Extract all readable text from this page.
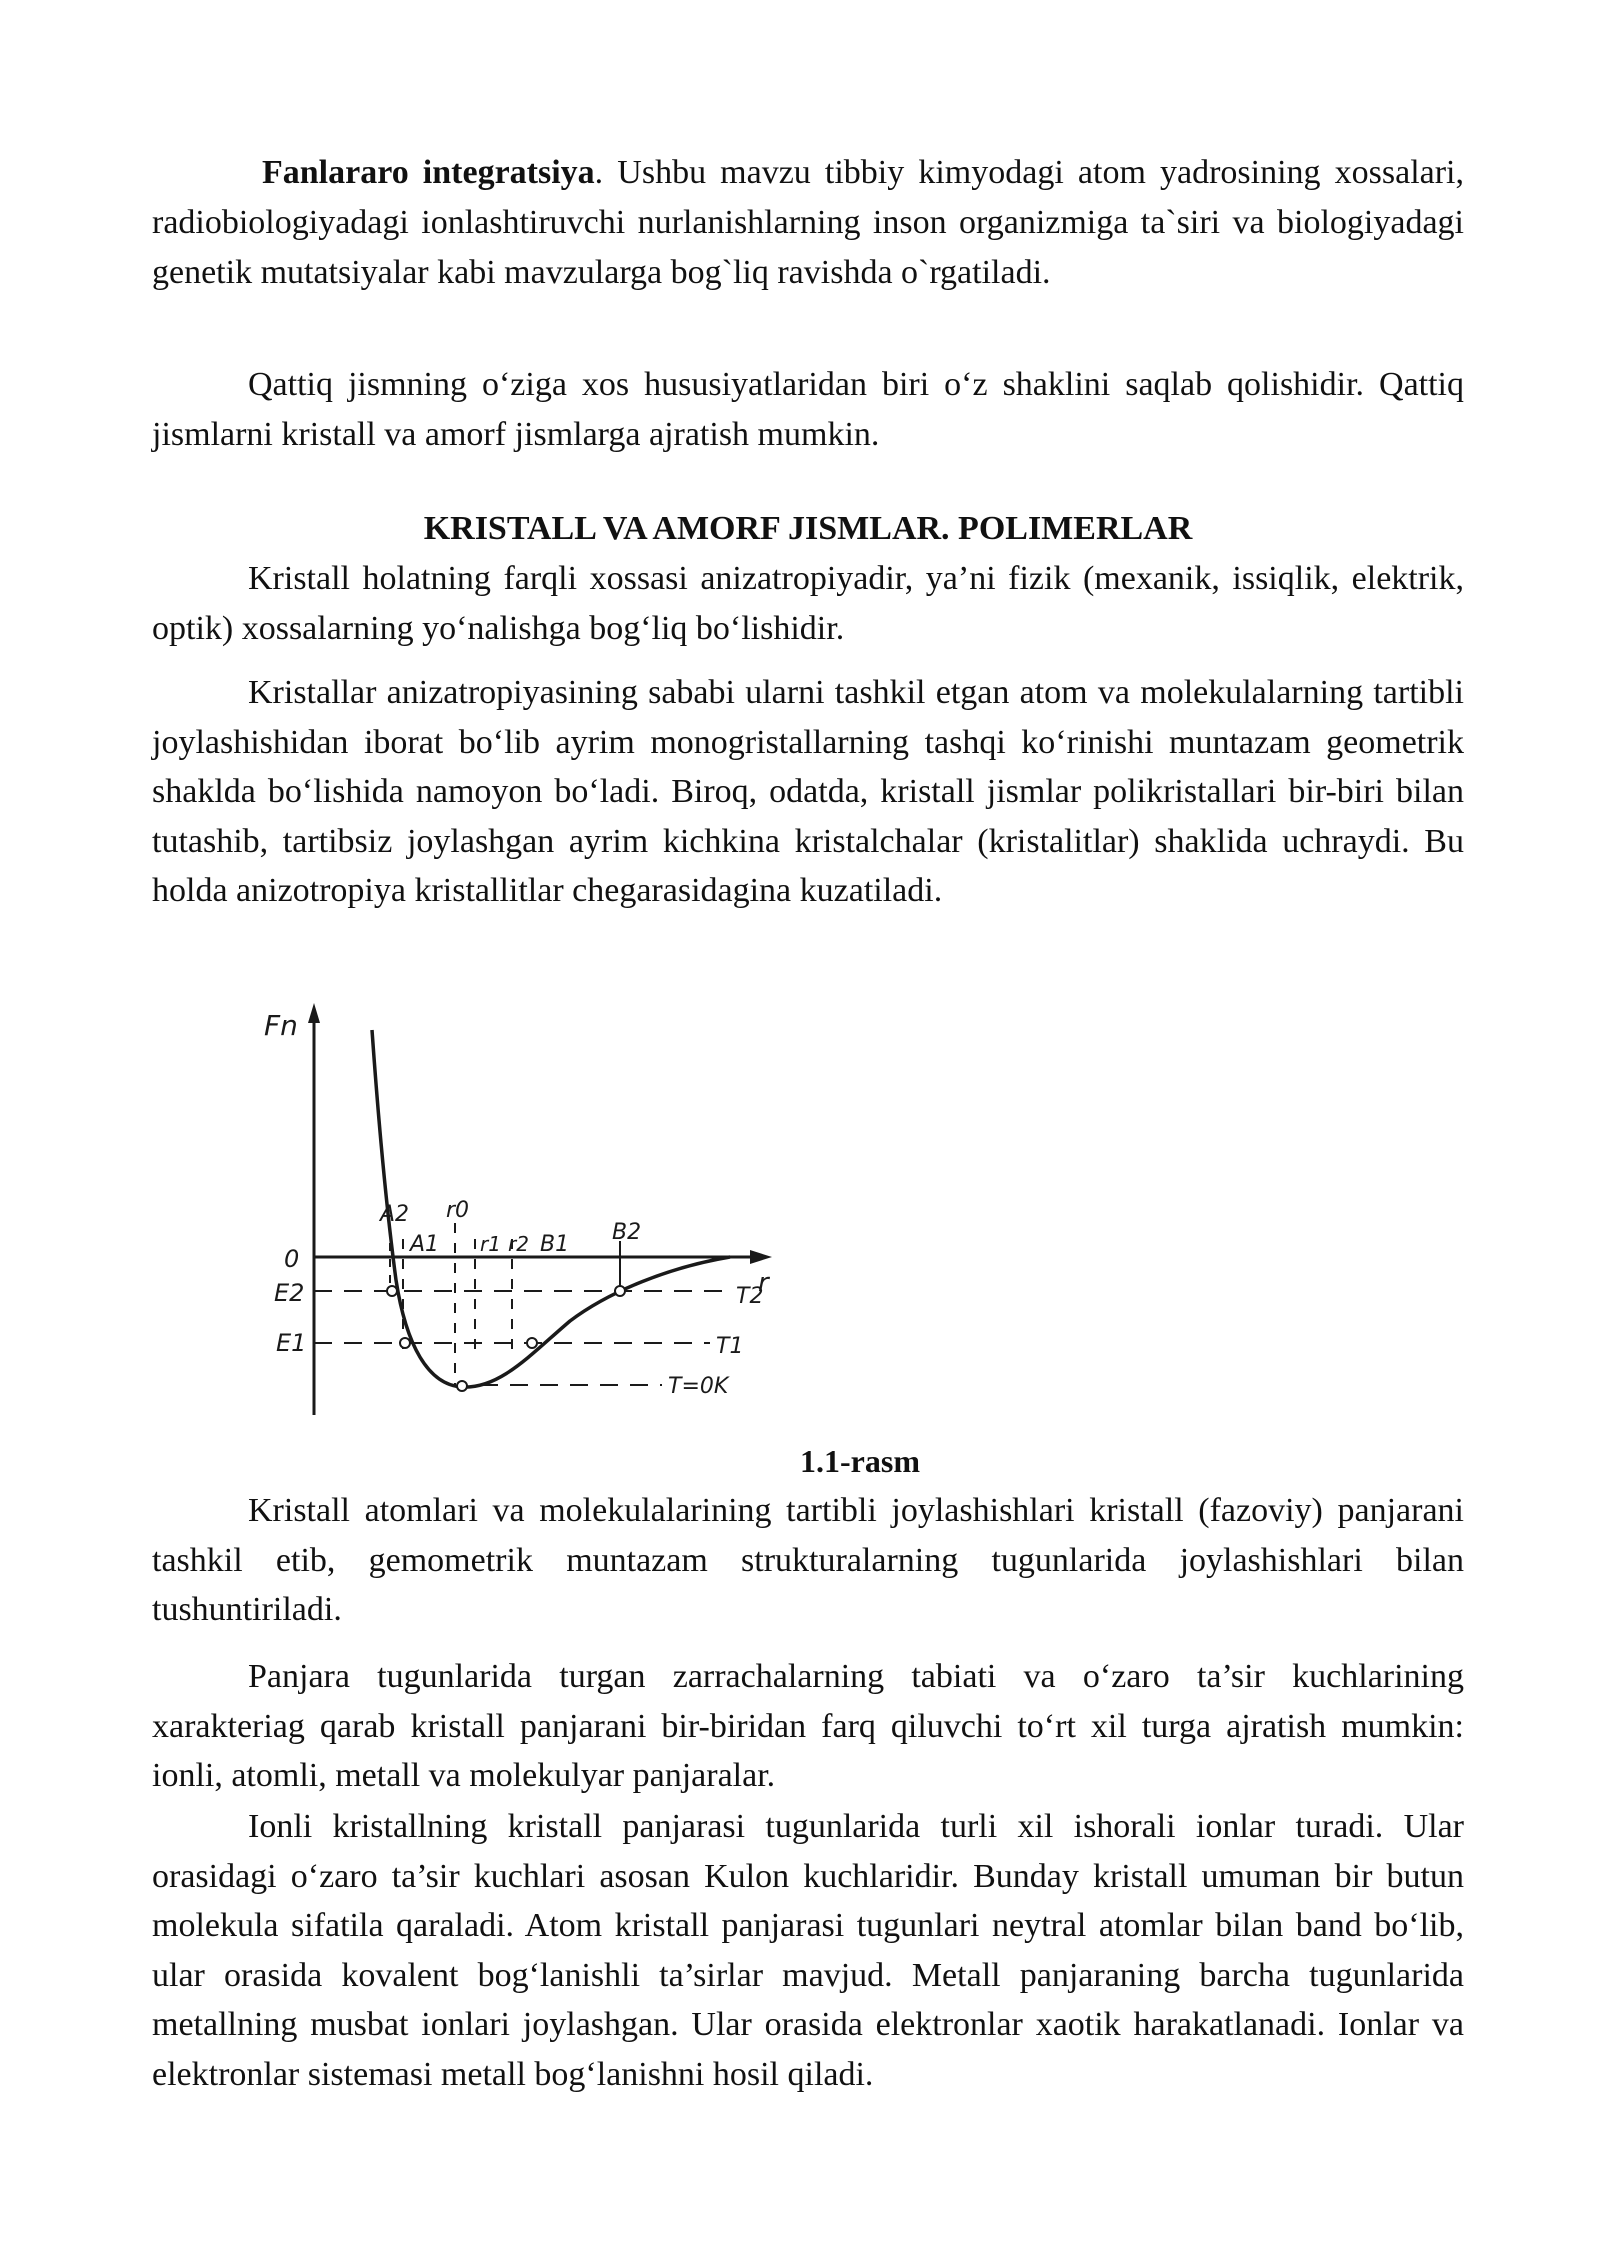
Fanlararo integratsiya. Ushbu mavzu tibbiy kimyodagi atom yadrosining xossalari, radiobiologiyadagi ionlashtiruvchi nurlanishlarning inson organizmiga ta`siri va biologiyadagi genetik mutatsiyalar kabi mavzularga bog`liq ravishda o`rgatiladi.

Qattiq jismning o‘ziga xos hususiyatlaridan biri o‘z shaklini saqlab qolishidir. Qattiq jismlarni kristall va amorf jismlarga ajratish mumkin.

KRISTALL VA AMORF JISMLAR. POLIMERLAR

Kristall holatning farqli xossasi anizatropiyadir, ya’ni fizik (mexanik, issiqlik, elektrik, optik) xossalarning yo‘nalishga bog‘liq bo‘lishidir.

Kristallar anizatropiyasining sababi ularni tashkil etgan atom va molekulalarning tartibli joylashishidan iborat bo‘lib ayrim monogristallarning tashqi ko‘rinishi muntazam geometrik shaklda bo‘lishida namoyon bo‘ladi. Biroq, odatda, kristall jismlar polikristallari bir-biri bilan tutashib, tartibsiz joylashgan ayrim kichkina kristalchalar (kristalitlar) shaklida uchraydi. Bu holda anizotropiya kristallitlar chegarasidagina kuzatiladi.

Fn
r
0
E2
E1
A2
A1
r0
r1 r2 B1 B2
T2
T1
T=0K
1.1-rasm

Kristall atomlari va molekulalarining tartibli joylashishlari kristall (fazoviy) panjarani tashkil etib, gemometrik muntazam strukturalarning tugunlarida joylashishlari bilan tushuntiriladi.

Panjara tugunlarida turgan zarrachalarning tabiati va o‘zaro ta’sir kuchlarining xarakteriag qarab kristall panjarani bir-biridan farq qiluvchi to‘rt xil turga ajratish mumkin: ionli, atomli, metall va molekulyar panjaralar.

Ionli kristallning kristall panjarasi tugunlarida turli xil ishorali ionlar turadi. Ular orasidagi o‘zaro ta’sir kuchlari asosan Kulon kuchlaridir. Bunday kristall umuman bir butun molekula sifatila qaraladi. Atom kristall panjarasi tugunlari neytral atomlar bilan band bo‘lib, ular orasida kovalent bog‘lanishli ta’sirlar mavjud. Metall panjaraning barcha tugunlarida metallning musbat ionlari joylashgan. Ular orasida elektronlar xaotik harakatlanadi. Ionlar va elektronlar sistemasi metall bog‘lanishni hosil qiladi.
